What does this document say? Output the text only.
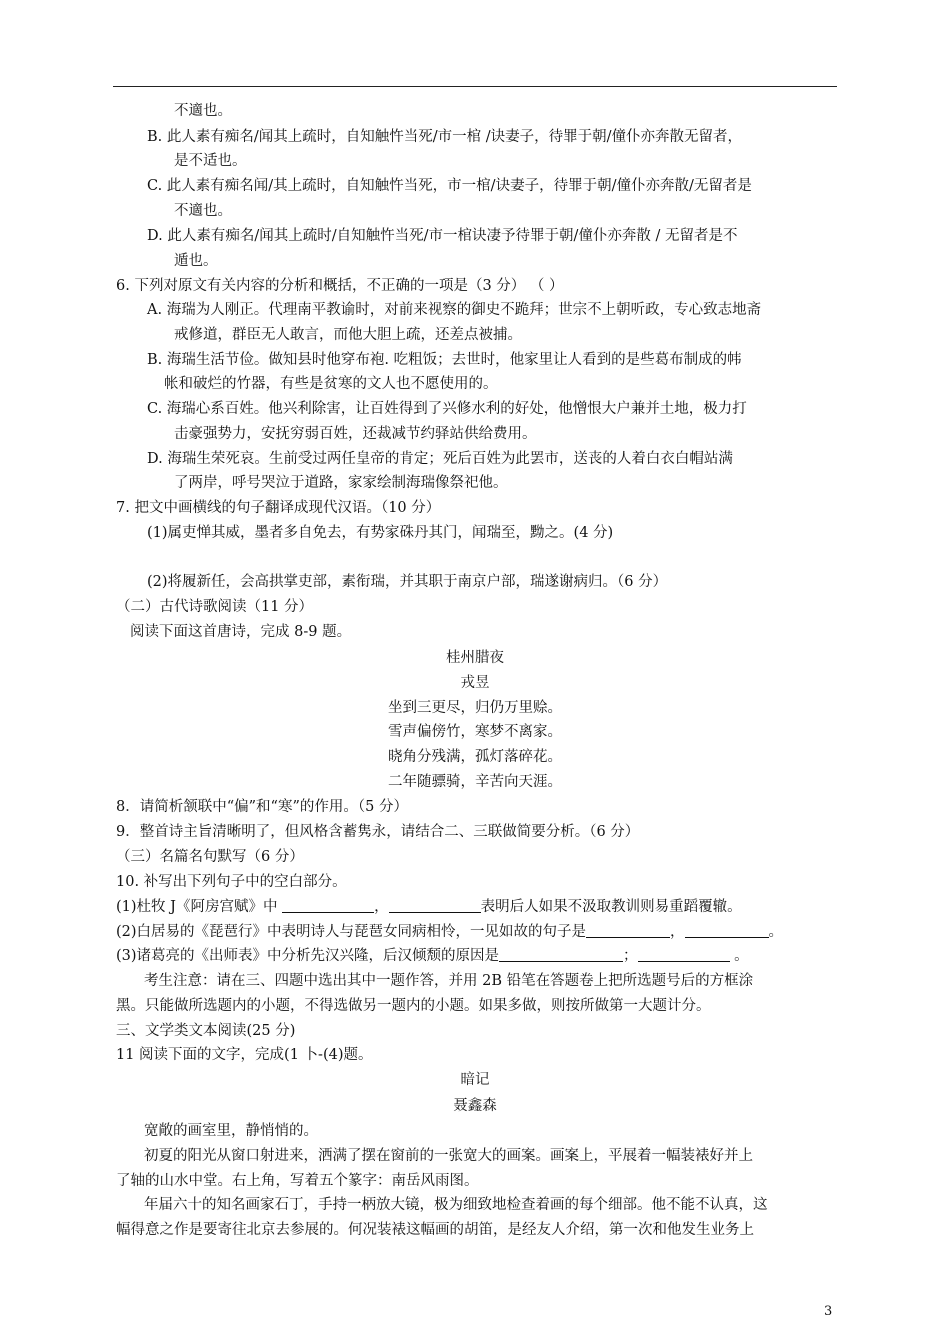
不適也。
B. 此人素有痴名/闻其上疏时，自知触忤当死/市一棺 /诀妻子，待罪于朝/僮仆亦奔散无留者，
是不适也。
C. 此人素有痴名闻/其上疏时，自知触忤当死，市一棺/诀妻子，待罪于朝/僮仆亦奔散/无留者是
不適也。
D. 此人素有痴名/闻其上疏时/自知触忤当死/市一棺诀凄予待罪于朝/僮仆亦奔散 / 无留者是不
遁也。
6. 下列对原文有关内容的分析和概括，不正确的一项是（3 分） （ ）
A. 海瑞为人刚正。代理南平教谕时，对前来视察的御史不跪拜；世宗不上朝听政，专心致志地斋
戒修道，群臣无人敢言，而他大胆上疏，还差点被捕。
B. 海瑞生活节俭。做知县时他穿布袍. 吃粗饭；去世时，他家里让人看到的是些葛布制成的帏
帐和破烂的竹器，有些是贫寒的文人也不愿使用的。
C. 海瑞心系百姓。他兴利除害，让百姓得到了兴修水利的好处，他憎恨大户兼并土地，极力打
击豪强势力，安抚穷弱百姓，还裁减节约驿站供给费用。
D. 海瑞生荣死哀。生前受过两任皇帝的肯定；死后百姓为此罢市，送丧的人着白衣白帽站满
了两岸，呼号哭泣于道路，家家绘制海瑞像祭祀他。
7. 把文中画横线的句子翻译成现代汉语。（10 分）
(1)属吏惮其威，墨者多自免去，有势家硃丹其门，闻瑞至，黝之。(4 分)
(2)将履新任，会高拱掌吏部，素衔瑞，并其职于南京户部，瑞遂谢病归。（6 分）
（二）古代诗歌阅读（11 分）
阅读下面这首唐诗，完成 8-9 题。
桂州腊夜
戎昱
坐到三更尽，归仍万里赊。
雪声偏傍竹，寒梦不离家。
晓角分残满，孤灯落碎花。
二年随骠骑，辛苦向天涯。
8．请简析颔联中“偏”和“寒”的作用。（5 分）
9．整首诗主旨清晰明了，但风格含蓄隽永，请结合二、三联做简要分析。（6 分）
（三）名篇名句默写（6 分）
10. 补写出下列句子中的空白部分。
(1)杜牧 J《阿房宫赋》中	，	表明后人如果不汲取教训则易重蹈覆辙。
(2)白居易的《琵琶行》中表明诗人与琵琶女同病相怜，一见如故的句子是	，	。
(3)诸葛亮的《出师表》中分析先汉兴隆，后汉倾颓的原因是	；	。
考生注意：请在三、四题中选出其中一题作答，并用 2B 铅笔在答题卷上把所选题号后的方框涂
黑。只能做所选题内的小题，不得选做另一题内的小题。如果多做，则按所做第一大题计分。
三、文学类文本阅读(25 分)
11 阅读下面的文字，完成(1 卜-(4)题。
暗记
聂鑫森
宽敞的画室里，静悄悄的。
初夏的阳光从窗口射进来，洒满了摆在窗前的一张宽大的画案。画案上，平展着一幅装裱好并上
了轴的山水中堂。右上角，写着五个篆字：南岳风雨图。
年届六十的知名画家石丁，手持一柄放大镜，极为细致地检查着画的每个细部。他不能不认真，这
幅得意之作是要寄往北京去参展的。何况装裱这幅画的胡笛，是经友人介绍，第一次和他发生业务上
3
